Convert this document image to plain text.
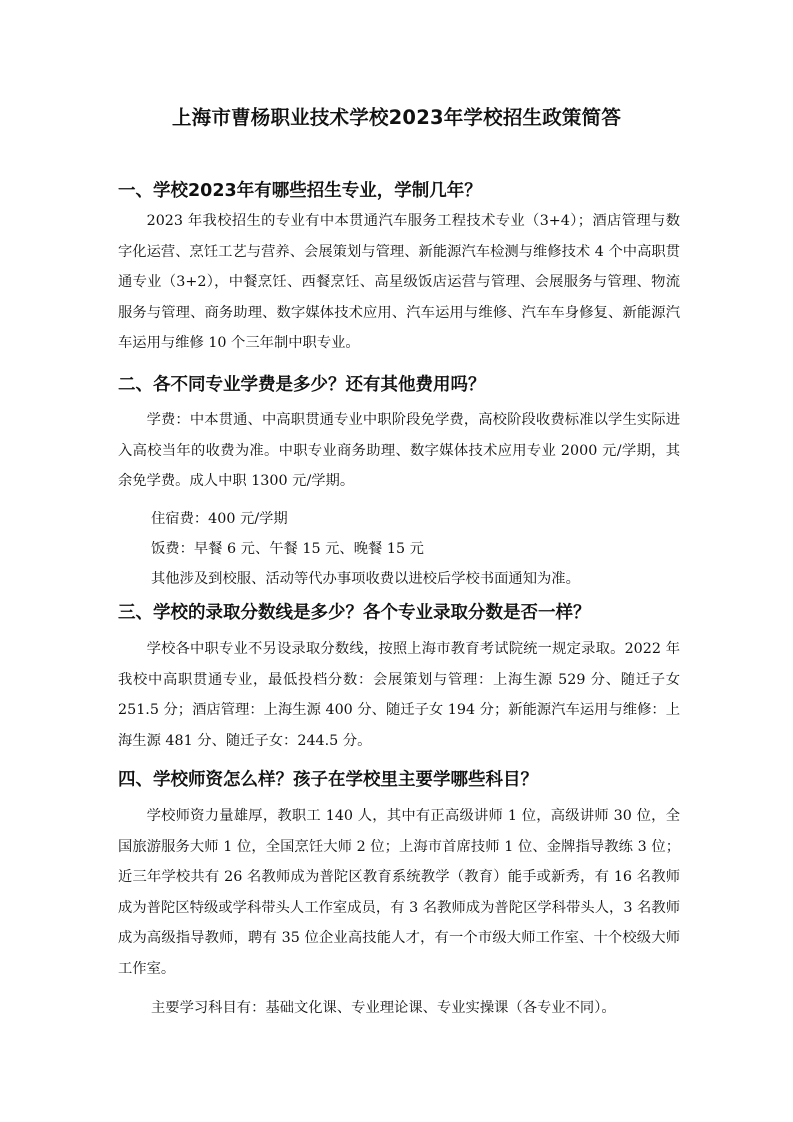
上海市曹杨职业技术学校2023年学校招生政策简答
一、学校2023年有哪些招生专业，学制几年？
2023 年我校招生的专业有中本贯通汽车服务工程技术专业（3+4）；酒店管理与数字化运营、烹饪工艺与营养、会展策划与管理、新能源汽车检测与维修技术 4 个中高职贯通专业（3+2），中餐烹饪、西餐烹饪、高星级饭店运营与管理、会展服务与管理、物流服务与管理、商务助理、数字媒体技术应用、汽车运用与维修、汽车车身修复、新能源汽车运用与维修 10 个三年制中职专业。
二、各不同专业学费是多少？还有其他费用吗？
学费：中本贯通、中高职贯通专业中职阶段免学费，高校阶段收费标准以学生实际进入高校当年的收费为准。中职专业商务助理、数字媒体技术应用专业 2000 元/学期，其余免学费。成人中职 1300 元/学期。
住宿费：400 元/学期
饭费：早餐 6 元、午餐 15 元、晚餐 15 元
其他涉及到校服、活动等代办事项收费以进校后学校书面通知为准。
三、学校的录取分数线是多少？各个专业录取分数是否一样？
学校各中职专业不另设录取分数线，按照上海市教育考试院统一规定录取。2022 年我校中高职贯通专业，最低投档分数：会展策划与管理：上海生源 529 分、随迁子女 251.5 分；酒店管理：上海生源 400 分、随迁子女 194 分；新能源汽车运用与维修：上海生源 481 分、随迁子女：244.5 分。
四、学校师资怎么样？孩子在学校里主要学哪些科目？
学校师资力量雄厚，教职工 140 人，其中有正高级讲师 1 位，高级讲师 30 位，全国旅游服务大师 1 位，全国烹饪大师 2 位；上海市首席技师 1 位、金牌指导教练 3 位；近三年学校共有 26 名教师成为普陀区教育系统教学（教育）能手或新秀，有 16 名教师成为普陀区特级或学科带头人工作室成员，有 3 名教师成为普陀区学科带头人，3 名教师成为高级指导教师，聘有 35 位企业高技能人才，有一个市级大师工作室、十个校级大师工作室。
主要学习科目有：基础文化课、专业理论课、专业实操课（各专业不同）。
